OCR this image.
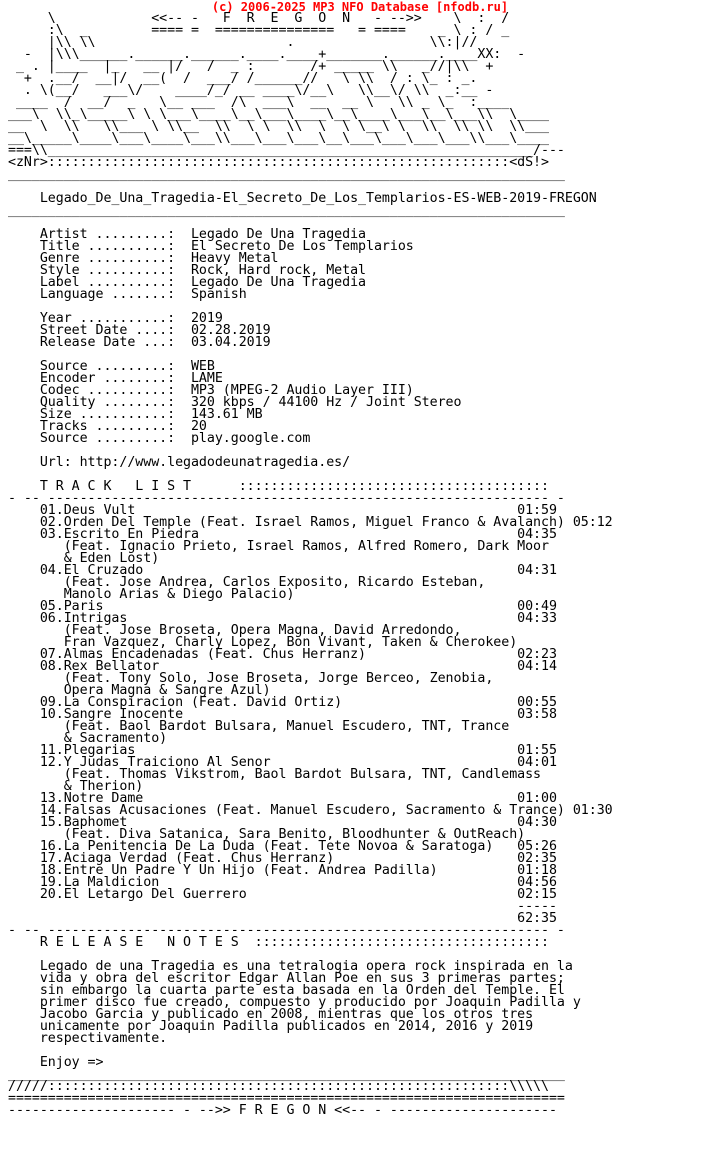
(c) 2006-2025 MP3 NFO Database [nfodb.ru]
\            <<-- -   F  R  E  G  O  N   - -->>    \  :  /
:\  _        ==== =  ===============   = ====    _ \ : / _
|\\ \\                        .                 \\:|//
-  |\\\______.______.______.____.____+_______.______.____XX:  -
_ . |____  |_   __ |/   /  _ :       /+ _____ \\   _//|\\  +
+  .__/  __|/  __(  /  ___/ /______//   \ \\  / : \_ : _.
. \(__/   ___\/    ____/_/ __ ____\/__\   \\__\/ \\  _:__ -
____  /  __/  _   \__ ___  /\  ___\  __  __ \   \\ _ \_  :____
___\  \\_\_____\ \ \___\____\__\___\____\__\____\___\__\___\\  \____
__  \  \\   \\___ \ \\__  \\  \ \  \\  \  \ \__\ \  \\  \\ \\  \\___
__\_____\____\___\____\___\\___\___\___\__\___\___\___\___\\___\____
===\\_____________________________________________________________/---
<zNr>::::::::::::::::::::::::::::::::::::::::::::::::::::::::::<dS!>
______________________________________________________________________

Legado_De_Una_Tragedia-El_Secreto_De_Los_Templarios-ES-WEB-2019-FREGON
______________________________________________________________________

Artist .........:  Legado De Una Tragedia
Title ..........:  El Secreto De Los Templarios
Genre ..........:  Heavy Metal
Style ..........:  Rock, Hard rock, Metal
Label ..........:  Legado De Una Tragedia
Language .......:  Spanish

Year ...........:  2019
Street Date ....:  02.28.2019
Release Date ...:  03.04.2019

Source .........:  WEB
Encoder ........:  LAME
Codec ..........:  MP3 (MPEG-2 Audio Layer III)
Quality ........:  320 kbps / 44100 Hz / Joint Stereo
Size ...........:  143.61 MB
Tracks .........:  20
Source .........:  play.google.com

Url: http://www.legadodeunatragedia.es/

T R A C K   L I S T      :::::::::::::::::::::::::::::::::::::::
- -- --------------------------------------------------------------- -
01.Deus Vult                                                01:59
02.Orden Del Temple (Feat. Israel Ramos, Miguel Franco & Avalanch) 05:12
03.Escrito En Piedra                                        04:35
(Feat. Ignacio Prieto, Israel Ramos, Alfred Romero, Dark Moor
& Eden Lost)
04.El Cruzado                                               04:31
(Feat. Jose Andrea, Carlos Exposito, Ricardo Esteban,
Manolo Arias & Diego Palacio)
05.Paris                                                    00:49
06.Intrigas                                                 04:33
(Feat. Jose Broseta, Opera Magna, David Arredondo,
Fran Vazquez, Charly Lopez, Bon Vivant, Taken & Cherokee)
07.Almas Encadenadas (Feat. Chus Herranz)                   02:23
08.Rex Bellator                                             04:14
(Feat. Tony Solo, Jose Broseta, Jorge Berceo, Zenobia,
Opera Magna & Sangre Azul)
09.La Conspiracion (Feat. David Ortiz)                      00:55
10.Sangre Inocente                                          03:58
(Feat. Baol Bardot Bulsara, Manuel Escudero, TNT, Trance
& Sacramento)
11.Plegarias                                                01:55
12.Y Judas Traiciono Al Senor                               04:01
(Feat. Thomas Vikstrom, Baol Bardot Bulsara, TNT, Candlemass
& Therion)
13.Notre Dame                                               01:00
14.Falsas Acusaciones (Feat. Manuel Escudero, Sacramento & Trance) 01:30
15.Baphomet                                                 04:30
(Feat. Diva Satanica, Sara Benito, Bloodhunter & OutReach)
16.La Penitencia De La Duda (Feat. Tete Novoa & Saratoga)   05:26
17.Aciaga Verdad (Feat. Chus Herranz)                       02:35
18.Entre Un Padre Y Un Hijo (Feat. Andrea Padilla)          01:18
19.La Maldicion                                             04:56
20.El Letargo Del Guerrero                                  02:15
-----
62:35
- -- --------------------------------------------------------------- -
R E L E A S E   N O T E S  :::::::::::::::::::::::::::::::::::::

Legado de una Tragedia es una tetralogia opera rock inspirada en la
vida y obra del escritor Edgar Allan Poe en sus 3 primeras partes;
sin embargo la cuarta parte esta basada en la Orden del Temple. El
primer disco fue creado, compuesto y producido por Joaquin Padilla y
Jacobo Garcia y publicado en 2008, mientras que los otros tres
unicamente por Joaquin Padilla publicados en 2014, 2016 y 2019
respectivamente.

Enjoy =>
______________________________________________________________________
/////::::::::::::::::::::::::::::::::::::::::::::::::::::::::::\\\\\
======================================================================
--------------------- - -->> F R E G O N <<-- - ---------------------
